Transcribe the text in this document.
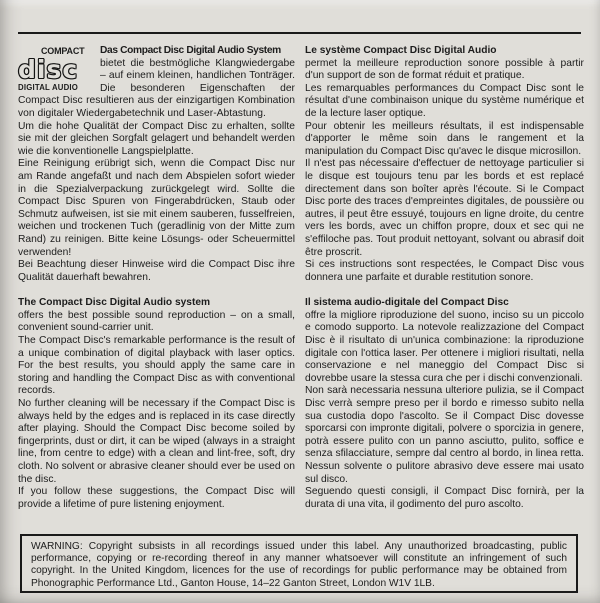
COMPACT disc DIGITAL AUDIO
Das Compact Disc Digital Audio System
bietet die bestmögliche Klangwiedergabe – auf einem kleinen, handlichen Tonträger. Die besonderen Eigenschaften der Compact Disc resultieren aus der einzigartigen Kombination von digitaler Wiedergabetechnik und Laser-Abtastung.

Um die hohe Qualität der Compact Disc zu erhalten, sollte sie mit der gleichen Sorgfalt gelagert und behandelt werden wie die konventionelle Langspielplatte.

Eine Reinigung erübrigt sich, wenn die Compact Disc nur am Rande angefaßt und nach dem Abspielen sofort wieder in die Spezialverpackung zurückgelegt wird. Sollte die Compact Disc Spuren von Fingerabdrücken, Staub oder Schmutz aufweisen, ist sie mit einem sauberen, fusselfreien, weichen und trockenen Tuch (geradlinig von der Mitte zum Rand) zu reinigen. Bitte keine Lösungs- oder Scheuermittel verwenden!

Bei Beachtung dieser Hinweise wird die Compact Disc ihre Qualität dauerhaft bewahren.

Le système Compact Disc Digital Audio

permet la meilleure reproduction sonore possible à partir d'un support de son de format réduit et pratique.

Les remarquables performances du Compact Disc sont le résultat d'une combinaison unique du système numérique et de la lecture laser optique.

Pour obtenir les meilleurs résultats, il est indispensable d'apporter le même soin dans le rangement et la manipulation du Compact Disc qu'avec le disque microsillon.

Il n'est pas nécessaire d'effectuer de nettoyage particulier si le disque est toujours tenu par les bords et est replacé directement dans son boîter après l'écoute. Si le Compact Disc porte des traces d'empreintes digitales, de poussière ou autres, il peut être essuyé, toujours en ligne droite, du centre vers les bords, avec un chiffon propre, doux et sec qui ne s'effiloche pas. Tout produit nettoyant, solvant ou abrasif doit être proscrit.

Si ces instructions sont respectées, le Compact Disc vous donnera une parfaite et durable restitution sonore.

The Compact Disc Digital Audio system

offers the best possible sound reproduction – on a small, convenient sound-carrier unit.

The Compact Disc's remarkable performance is the result of a unique combination of digital playback with laser optics. For the best results, you should apply the same care in storing and handling the Compact Disc as with conventional records.

No further cleaning will be necessary if the Compact Disc is always held by the edges and is replaced in its case directly after playing. Should the Compact Disc become soiled by fingerprints, dust or dirt, it can be wiped (always in a straight line, from centre to edge) with a clean and lint-free, soft, dry cloth. No solvent or abrasive cleaner should ever be used on the disc.

If you follow these suggestions, the Compact Disc will provide a lifetime of pure listening enjoyment.

Il sistema audio-digitale del Compact Disc

offre la migliore riproduzione del suono, inciso su un piccolo e comodo supporto. La notevole realizzazione del Compact Disc è il risultato di un'unica combinazione: la riproduzione digitale con l'ottica laser. Per ottenere i migliori risultati, nella conservazione e nel maneggio del Compact Disc si dovrebbe usare la stessa cura che per i dischi convenzionali.

Non sarà necessaria nessuna ulteriore pulizia, se il Compact Disc verrà sempre preso per il bordo e rimesso subito nella sua custodia dopo l'ascolto. Se il Compact Disc dovesse sporcarsi con impronte digitali, polvere o sporcizia in genere, potrà essere pulito con un panno asciutto, pulito, soffice e senza sfilacciature, sempre dal centro al bordo, in linea retta. Nessun solvente o pulitore abrasivo deve essere mai usato sul disco.

Seguendo questi consigli, il Compact Disc fornirà, per la durata di una vita, il godimento del puro ascolto.

WARNING: Copyright subsists in all recordings issued under this label. Any unauthorized broadcasting, public performance, copying or re-recording thereof in any manner whatsoever will constitute an infringement of such copyright. In the United Kingdom, licences for the use of recordings for public performance may be obtained from Phonographic Performance Ltd., Ganton House, 14–22 Ganton Street, London W1V 1LB.
